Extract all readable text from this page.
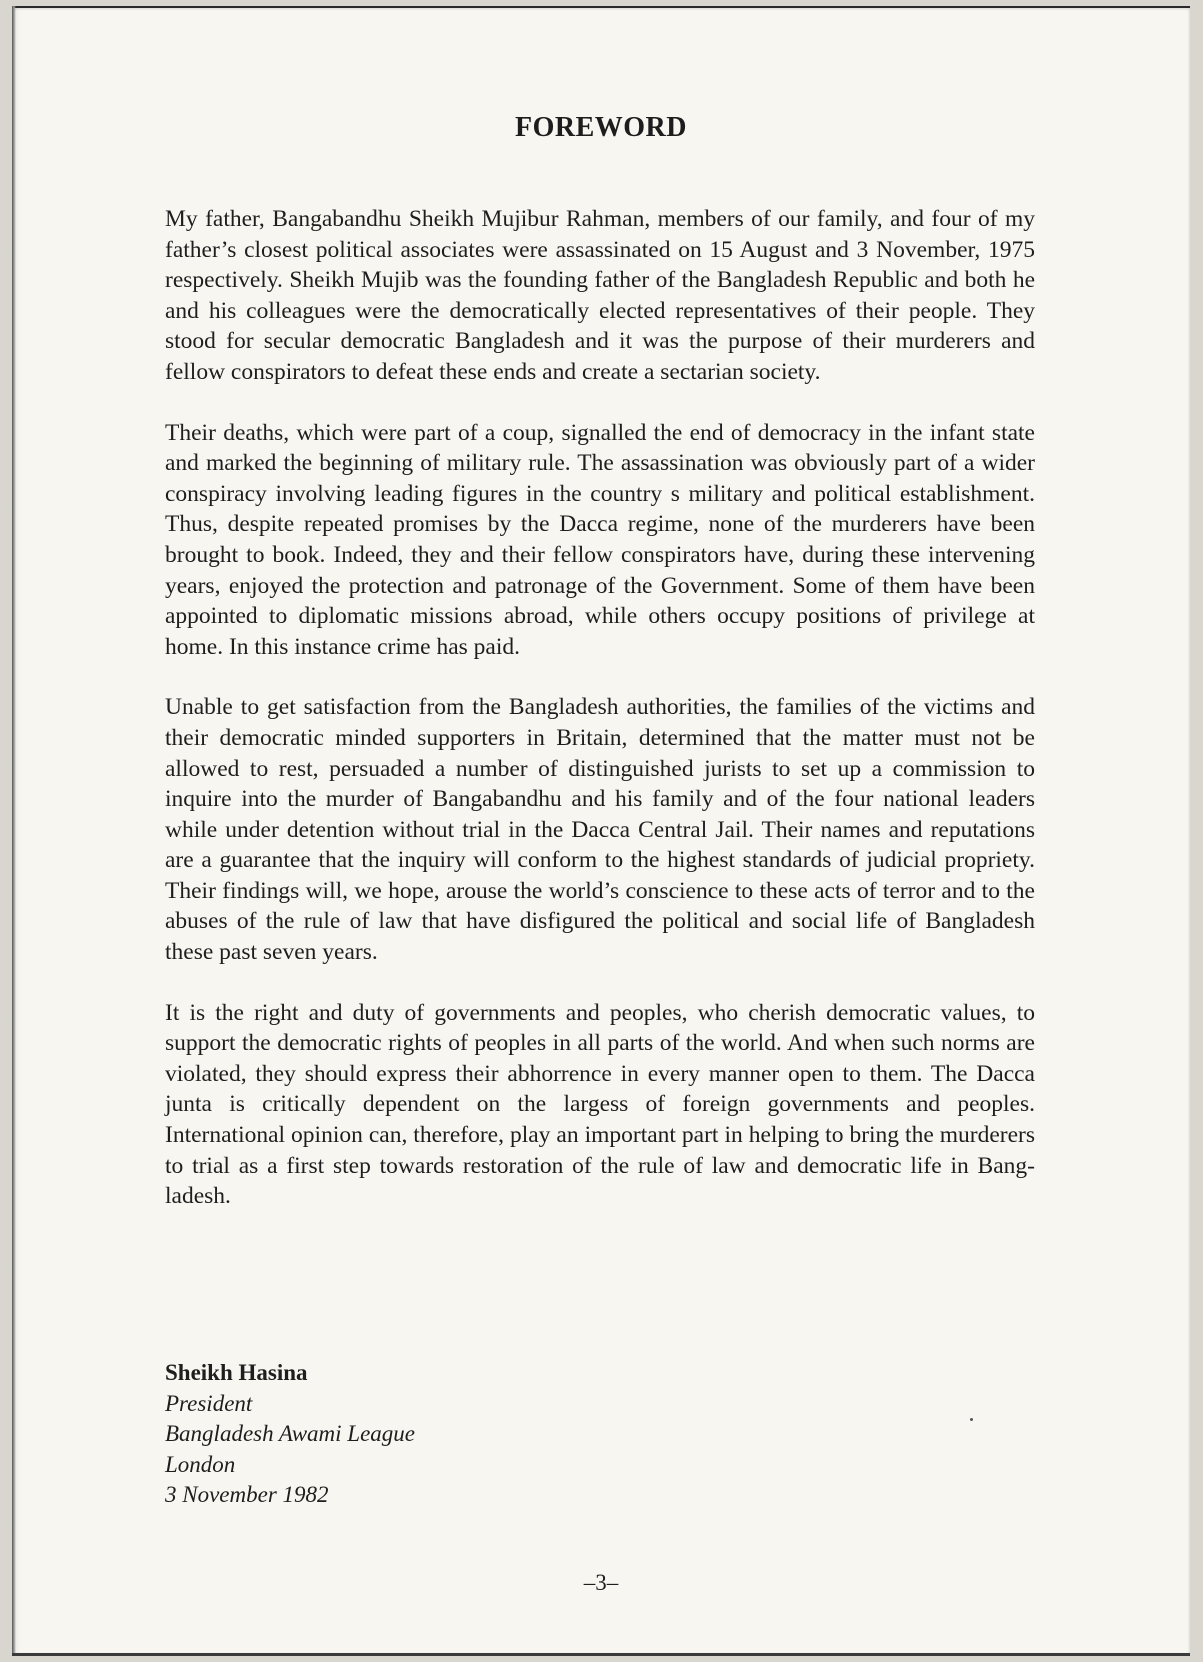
FOREWORD

My father, Bangabandhu Sheikh Mujibur Rahman, members of our family, and four of my father’s closest political associates were assassinated on 15 August and 3 November, 1975 respectively. Sheikh Mujib was the founding father of the Bangladesh Republic and both he and his colleagues were the democratically elected representatives of their people. They stood for secular democratic Bangladesh and it was the purpose of their murderers and fellow conspirators to defeat these ends and create a sectarian society.

Their deaths, which were part of a coup, signalled the end of democracy in the infant state and marked the beginning of military rule. The assassination was obviously part of a wider conspiracy involving leading figures in the country s military and political establishment. Thus, despite repeated promises by the Dacca regime, none of the murderers have been brought to book. Indeed, they and their fellow conspirators have, during these intervening years, enjoyed the protection and patronage of the Government. Some of them have been appointed to diplomatic missions abroad, while others occupy positions of privilege at home. In this instance crime has paid.

Unable to get satisfaction from the Bangladesh authorities, the families of the victims and their democratic minded supporters in Britain, determined that the matter must not be allowed to rest, persuaded a number of distinguished jurists to set up a commission to inquire into the murder of Bangabandhu and his family and of the four national leaders while under detention without trial in the Dacca Central Jail. Their names and reputations are a guarantee that the inquiry will conform to the highest standards of judicial propriety. Their findings will, we hope, arouse the world’s conscience to these acts of terror and to the abuses of the rule of law that have disfigured the political and social life of Bangladesh these past seven years.

It is the right and duty of governments and peoples, who cherish democratic values, to support the democratic rights of peoples in all parts of the world. And when such norms are violated, they should express their abhorrence in every manner open to them. The Dacca junta is critically dependent on the largess of foreign governments and peoples. International opinion can, therefore, play an important part in helping to bring the murderers to trial as a first step towards restoration of the rule of law and democratic life in Bangladesh.

Sheikh Hasina
President
Bangladesh Awami League
London
3 November 1982
–3–
